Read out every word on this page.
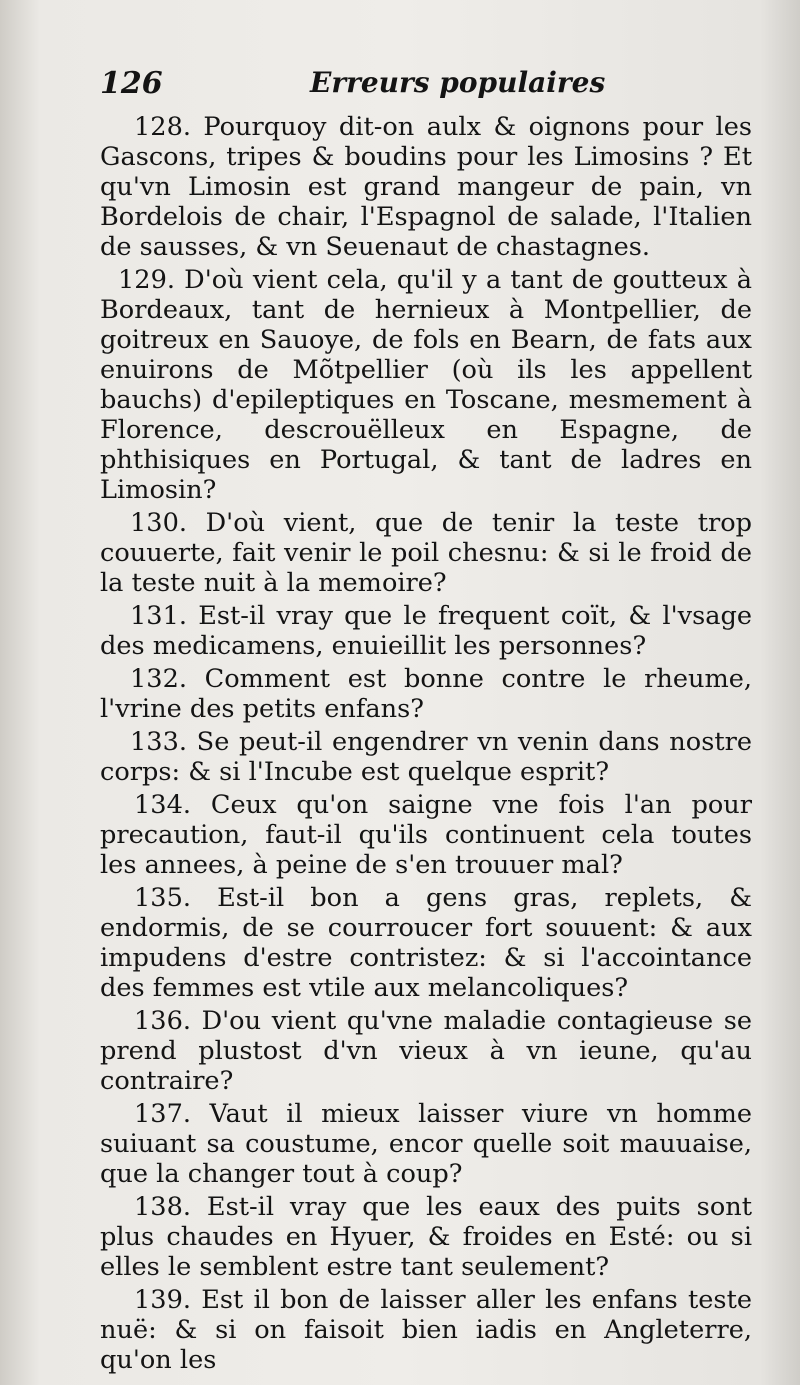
126	Erreurs populaires

128. Pourquoy dit-on aulx & oignons pour les Gascons, tripes & boudins pour les Limosins ? Et qu'vn Limosin est grand mangeur de pain, vn Bordelois de chair, l'Espagnol de salade, l'Italien de sausses, & vn Seuenaut de chastagnes.

129. D'où vient cela, qu'il y a tant de goutteux à Bordeaux, tant de hernieux à Montpellier, de goitreux en Sauoye, de fols en Bearn, de fats aux enuirons de Mõtpellier (où ils les appellent bauchs) d'epileptiques en Toscane, mesmement à Florence, descrouëlleux en Espagne, de phthisiques en Portugal, & tant de ladres en Limosin?

130. D'où vient, que de tenir la teste trop couuerte, fait venir le poil chesnu: & si le froid de la teste nuit à la memoire?

131. Est-il vray que le frequent coït, & l'vsage des medicamens, enuieillit les personnes?

132. Comment est bonne contre le rheume, l'vrine des petits enfans?

133. Se peut-il engendrer vn venin dans nostre corps: & si l'Incube est quelque esprit?

134. Ceux qu'on saigne vne fois l'an pour precaution, faut-il qu'ils continuent cela toutes les annees, à peine de s'en trouuer mal?

135. Est-il bon a gens gras, replets, & endormis, de se courroucer fort souuent: & aux impudens d'estre contristez: & si l'accointance des femmes est vtile aux melancoliques?

136. D'ou vient qu'vne maladie contagieuse se prend plustost d'vn vieux à vn ieune, qu'au contraire?

137. Vaut il mieux laisser viure vn homme suiuant sa coustume, encor quelle soit mauuaise, que la changer tout à coup?

138. Est-il vray que les eaux des puits sont plus chaudes en Hyuer, & froides en Esté: ou si elles le semblent estre tant seulement?

139. Est il bon de laisser aller les enfans teste nuë: & si on faisoit bien iadis en Angleterre, qu'on les
